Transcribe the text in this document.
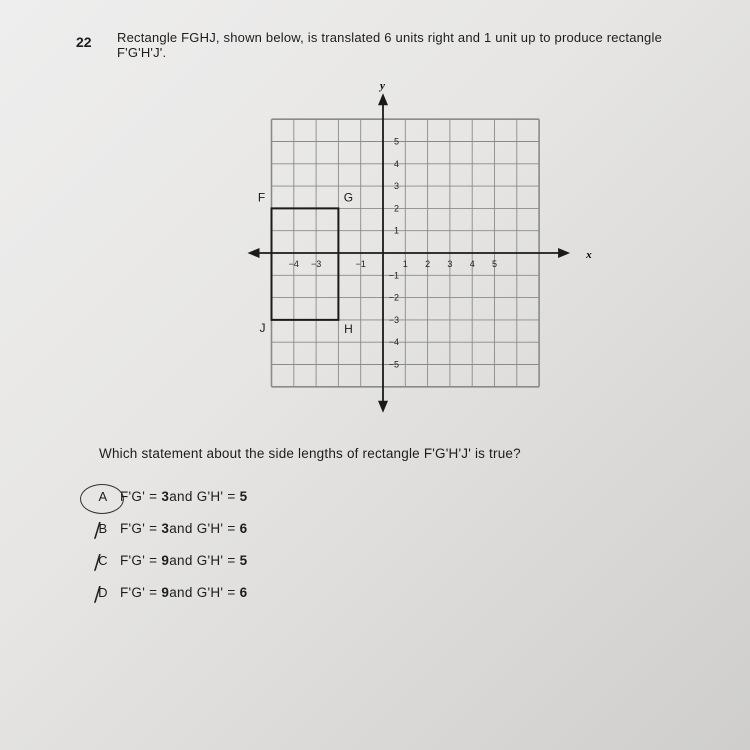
22 Rectangle FGHJ, shown below, is translated 6 units right and 1 unit up to produce rectangle F'G'H'J'.
x
y
F	G
H
J
−4 −3	−1	1 2 3 4 5
5
4
3
2
1
−1
−2
−3
−4
−5
Which statement about the side lengths of rectangle F'G'H'J' is true?
A F'G' =
3 and G'H' =
5
B
/ F'G' =
3 and G'H' =
6
C
/ F'G' =
9 and G'H' =
5
D
/ F'G' =
9 and G'H' =
6
